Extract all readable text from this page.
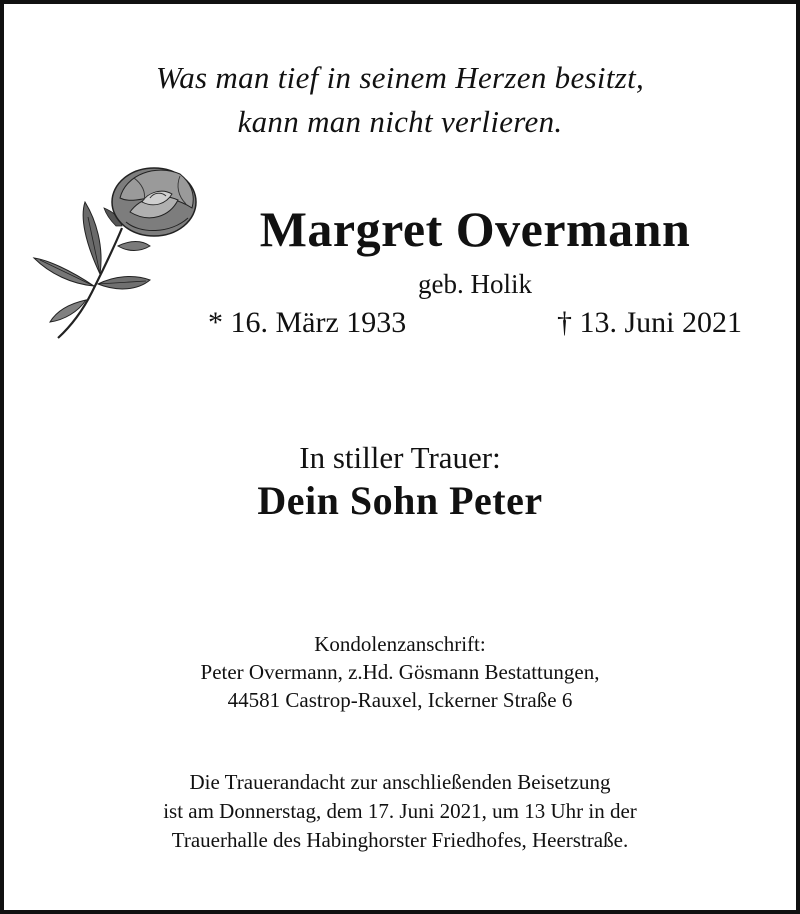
Was man tief in seinem Herzen besitzt,
kann man nicht verlieren.
Margret Overmann
geb. Holik
* 16. März 1933	† 13. Juni 2021
In stiller Trauer:
Dein Sohn Peter
Kondolenzanschrift:
Peter Overmann, z.Hd. Gösmann Bestattungen,
44581 Castrop-Rauxel, Ickerner Straße 6
Die Trauerandacht zur anschließenden Beisetzung
ist am Donnerstag, dem 17. Juni 2021, um 13 Uhr in der
Trauerhalle des Habinghorster Friedhofes, Heerstraße.
